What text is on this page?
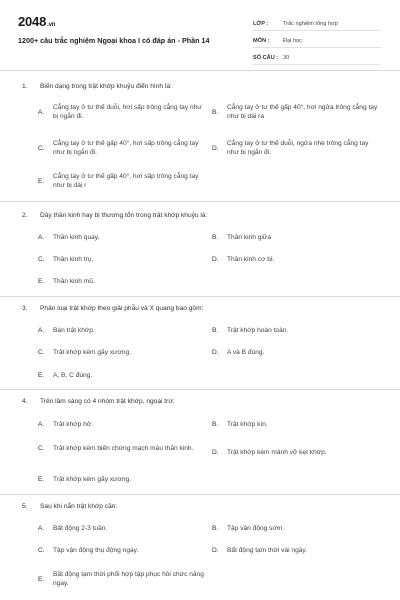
2048.vn
1200+ câu trắc nghiệm Ngoại khoa I có đáp án - Phần 14
LỚP :	Trắc nghiệm tổng hợp
MÔN :	Đại học
SỐ CÂU : 30
1. Biến dạng trong trật khớp khuỷu điển hình là:
A.
Cẳng tay ở tư thế duỗi, hơi sấp trông cẳng tay như bị ngắn đi.
B.
Cẳng tay ở tư thế gấp 40°, hơi ngửa trông cẳng tay như bị dài ra
C.
Cẳng tay ở tư thế gấp 40°, hơi sấp trông cẳng tay như bị ngắn đi.
D.
Cẳng tay ở tư thế duỗi, ngửa nhẹ trông cẳng tay như bị ngắn đi.
E.
Cẳng tay ở tư thế gấp 40°, hơi sấp trông cẳng tay như bị dài r
2. Dây thần kinh hay bị thương tổn trong trật khớp khuỷu là:
A.	Thần kinh quay.	B.	Thần kinh giữa
C.	Thần kinh trụ.	D.	Thần kinh cơ bì.
E.	Thần kinh mũ.
3. Phân loại trật khớp theo giải phẫu và X quang bao gồm:
A.	Bán trật khớp.	B.	Trật khớp hoàn toàn.
C.	Trật khớp kèm gãy xương.	D.	A và B đúng.
E.	A, B, C đúng.
4. Trên lâm sàng có 4 nhóm trật khớp, ngoại trừ:
A.	Trật khớp hở.	B.	Trật khớp kín.
C.	Trật khớp kèm biến chứng mạch máu thần kinh.
D.	Trật khớp kèm mảnh vỡ kẹt khớp.
E.	Trật khớp kèm gãy xương.
5. Sau khi nắn trật khớp cần:
A.	Bất động 2-3 tuần.	B.	Tập vận động sớm.
C.	Tập vận động thụ động ngay.	D.	Bất động tạm thời vài ngày.
E.
Bất động tạm thời phối hợp tập phục hồi chức năng ngay.
